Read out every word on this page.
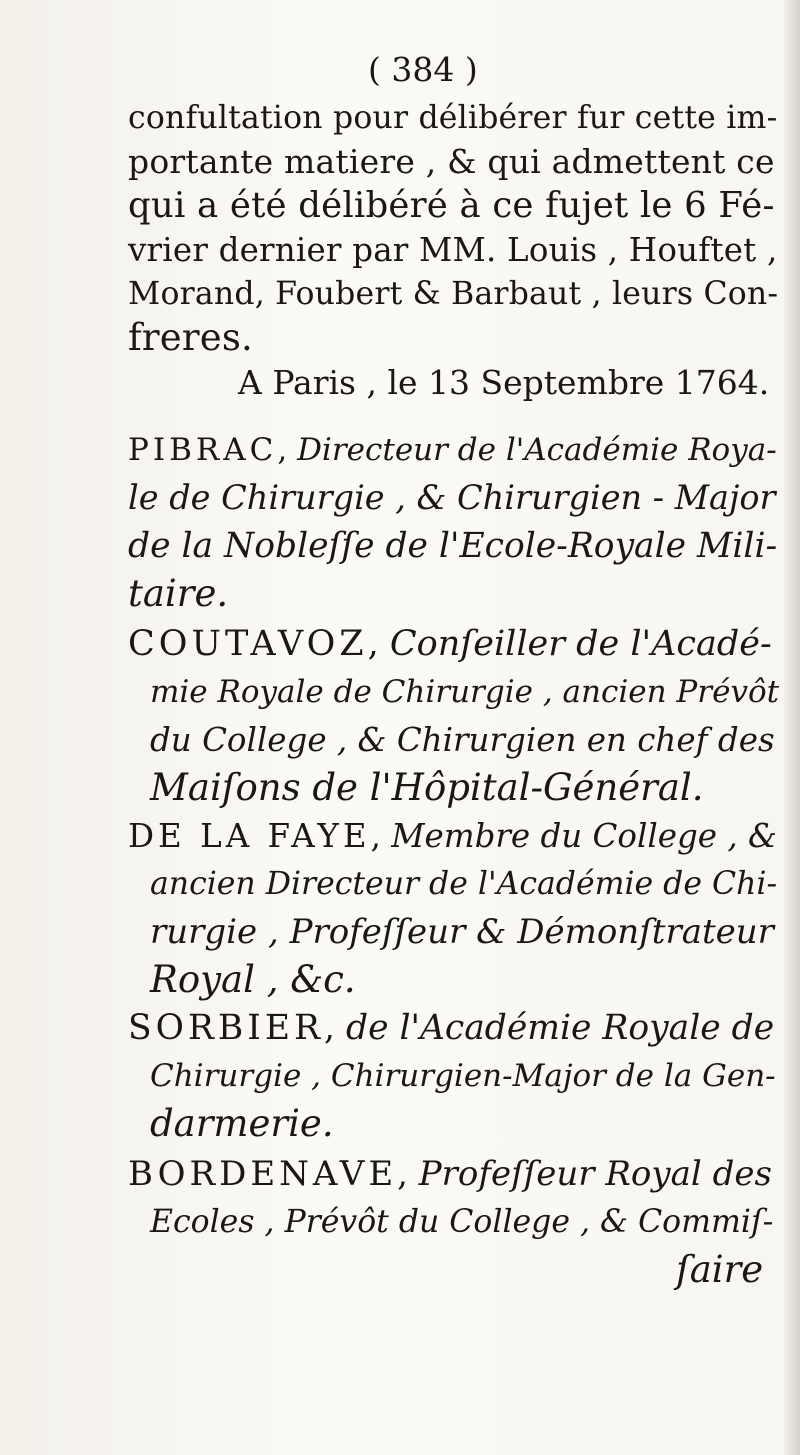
( 384 )
confultation pour délibérer fur cette im-
portante matiere , & qui admettent ce
qui a été délibéré à ce fujet le 6 Fé-
vrier dernier par MM. Louis , Houftet ,
Morand, Foubert & Barbaut , leurs Con-
freres.
A Paris , le 13 Septembre 1764.
PIBRAC, Directeur de l'Académie Roya-
le de Chirurgie , & Chirurgien - Major
de la Nobleſſe de l'Ecole-Royale Mili-
taire.
COUTAVOZ, Conſeiller de l'Acadé-
mie Royale de Chirurgie , ancien Prévôt
du College , & Chirurgien en chef des
Maiſons de l'Hôpital-Général.
DE LA FAYE, Membre du College , &
ancien Directeur de l'Académie de Chi-
rurgie , Profeſſeur & Démonſtrateur
Royal , &c.
SORBIER, de l'Académie Royale de
Chirurgie , Chirurgien-Major de la Gen-
darmerie.
BORDENAVE, Profeſſeur Royal des
Ecoles , Prévôt du College , & Commiſ-
ſaire
